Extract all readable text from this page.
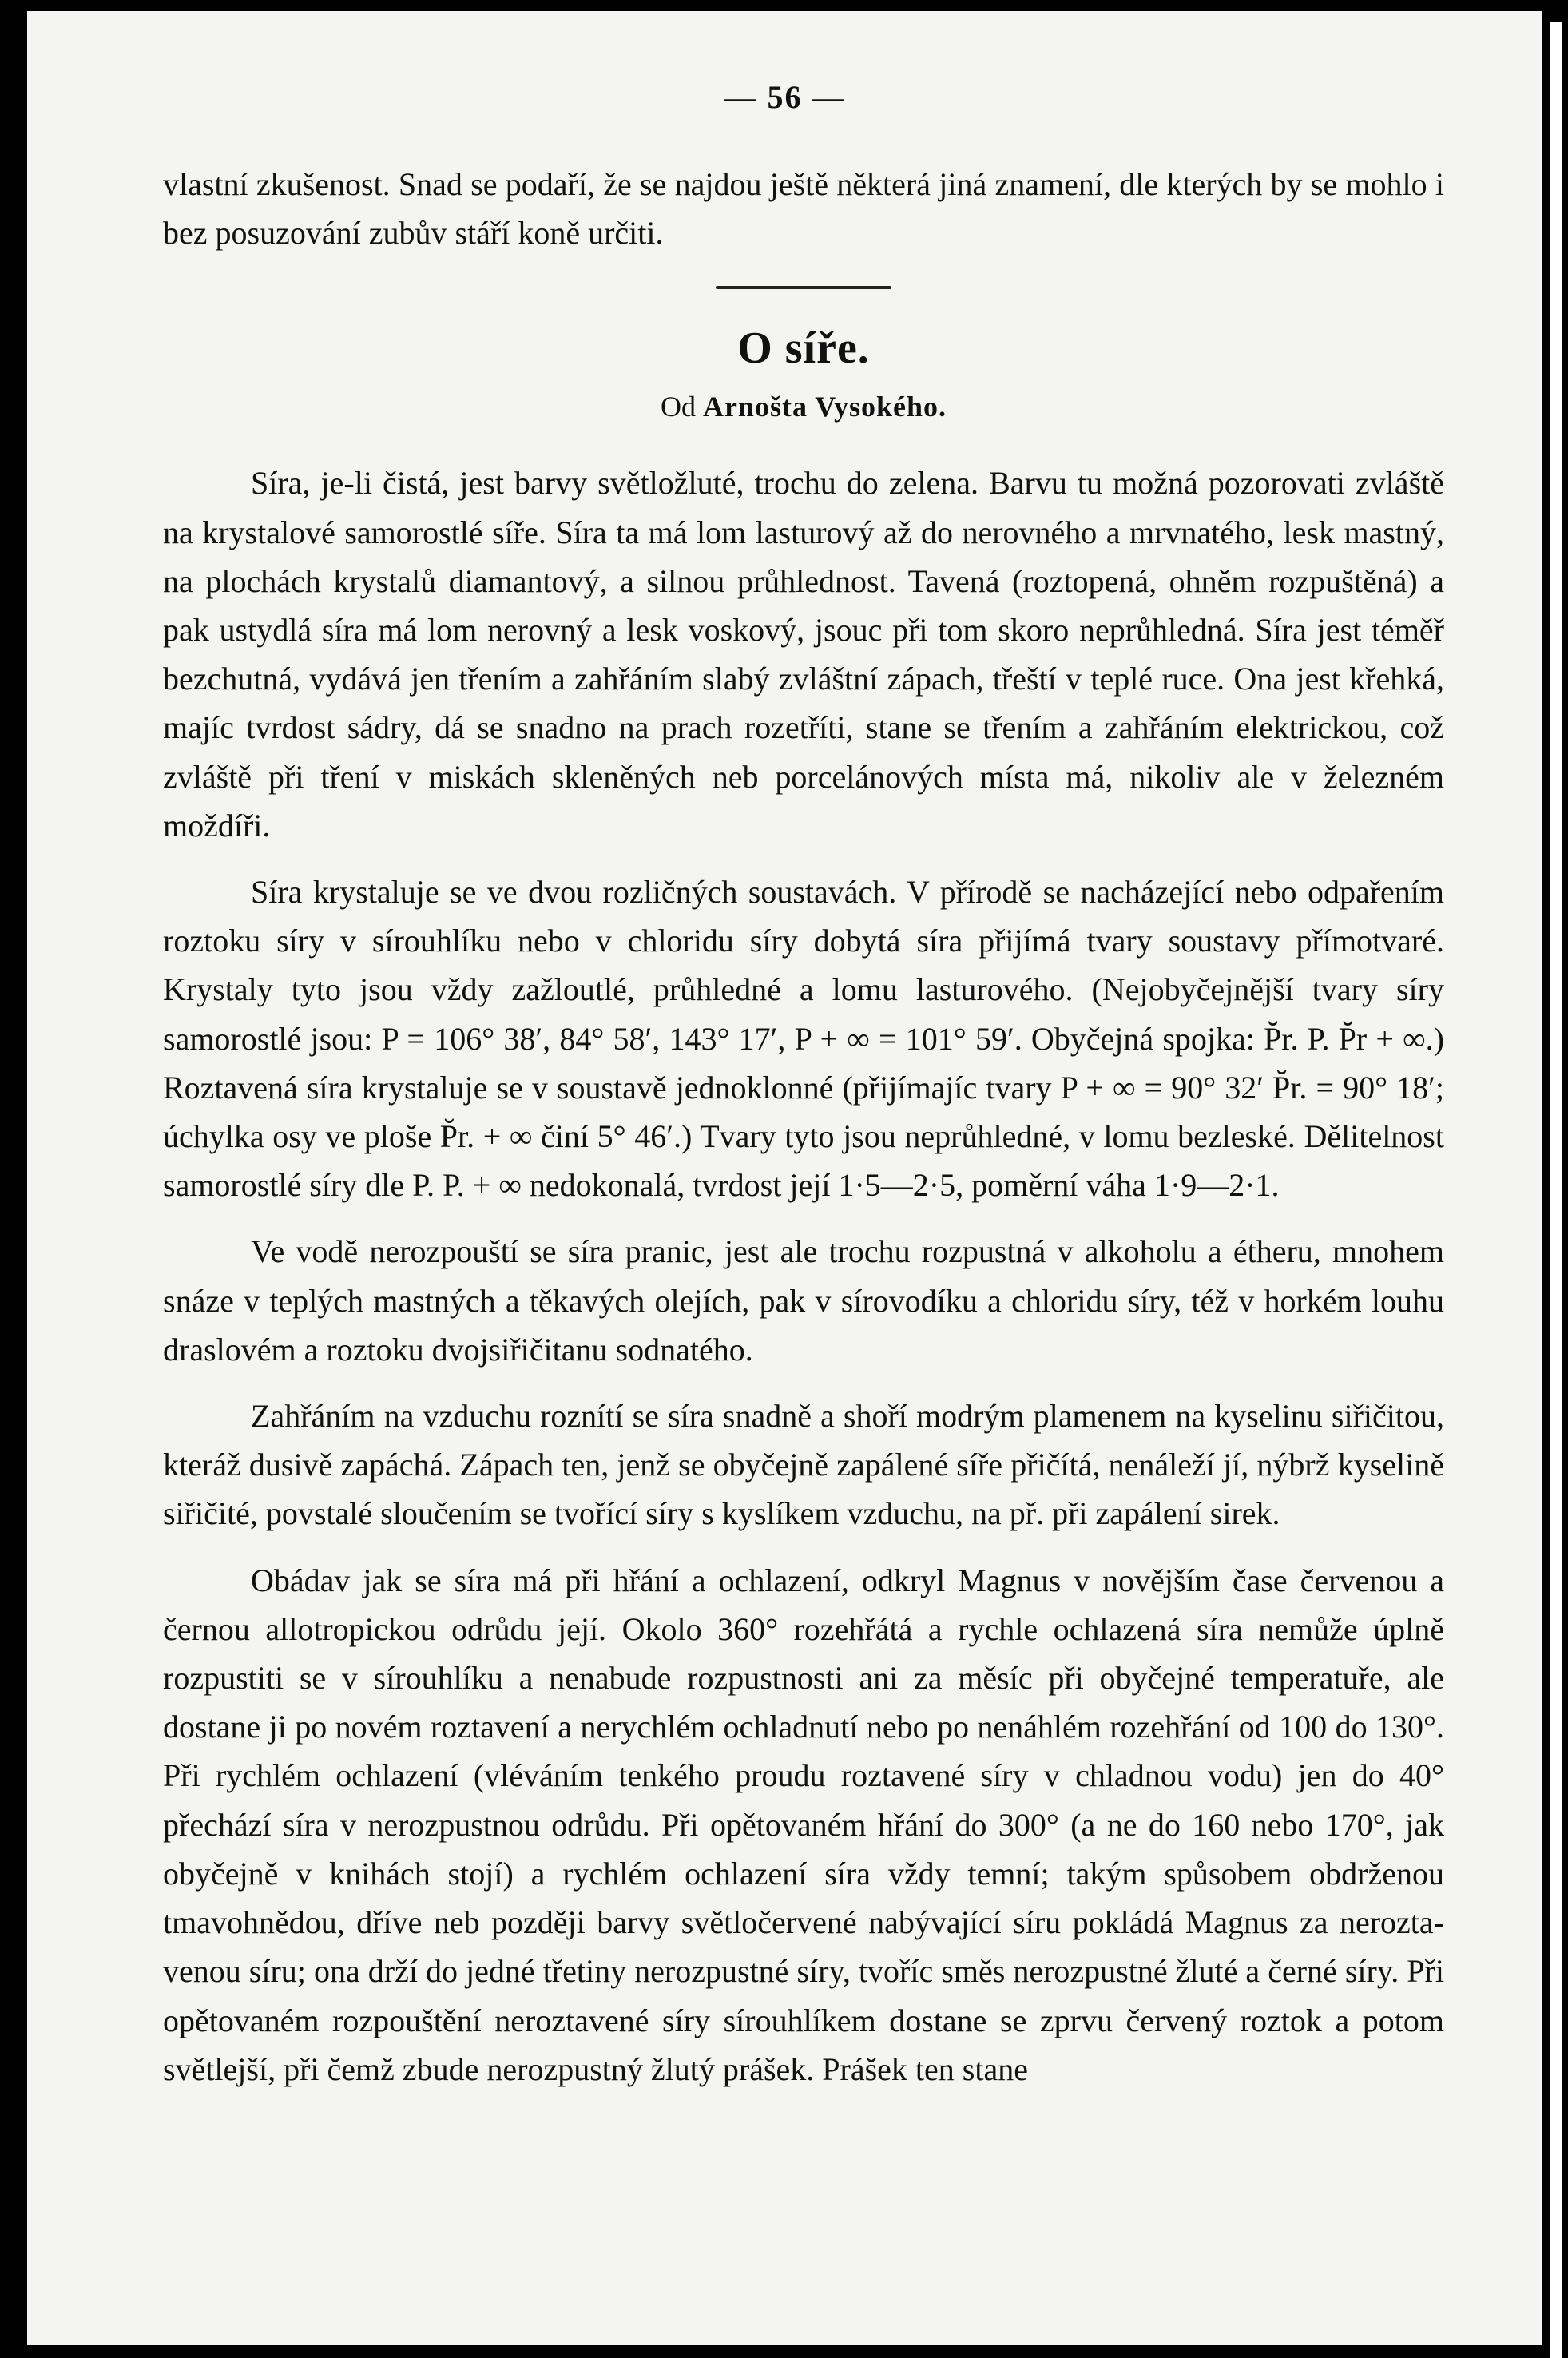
— 56 —

vlastní zkušenost. Snad se podaří, že se najdou ještě některá jiná znamení, dle kterých by se mohlo i bez posuzování zubův stáří koně určiti.

O síře.
Od Arnošta Vysokého.

Síra, je-li čistá, jest barvy světložluté, trochu do zelena. Barvu tu možná pozorovati zvláště na krystalové samorostlé síře. Síra ta má lom lasturový až do nerovného a mrvnatého, lesk mastný, na plochách krystalů diamantový, a silnou průhlednost. Tavená (roztopená, ohněm rozpuštěná) a pak ustydlá síra má lom nerovný a lesk voskový, jsouc při tom skoro neprůhledná. Síra jest téměř bezchutná, vydává jen třením a zahřáním slabý zvláštní zápach, třeští v teplé ruce. Ona jest křehká, majíc tvrdost sádry, dá se snadno na prach rozetříti, stane se třením a zahřáním elektrickou, což zvláště při tření v miskách skleněných neb porcelánových místa má, nikoliv ale v železném moždíři.

Síra krystaluje se ve dvou rozličných soustavách. V přírodě se nacházející nebo odpařením roztoku síry v sírouhlíku nebo v chloridu síry dobytá síra přijímá tvary soustavy přímotvaré. Krystaly tyto jsou vždy zažloutlé, průhledné a lomu lasturového. (Nejobyčejnější tvary síry samorostlé jsou: P = 106° 38′, 84° 58′, 143° 17′, P + ∞ = 101° 59′. Obyčejná spojka: P̆r. P. P̆r + ∞.) Roztavená síra krystaluje se v soustavě jednoklonné (přijímajíc tvary P + ∞ = 90° 32′ P̆r. = 90° 18′; úchylka osy ve ploše P̆r. + ∞ činí 5° 46′.) Tvary tyto jsou neprůhledné, v lomu bezleské. Dělitelnost samorostlé síry dle P. P. + ∞ nedokonalá, tvrdost její 1·5—2·5, poměrní váha 1·9—2·1.

Ve vodě nerozpouští se síra pranic, jest ale trochu rozpustná v alkoholu a étheru, mnohem snáze v teplých mastných a těkavých olejích, pak v sírovodíku a chloridu síry, též v horkém louhu draslovém a roztoku dvojsiřičitanu sodnatého.

Zahřáním na vzduchu roznítí se síra snadně a shoří modrým plamenem na kyselinu siřičitou, kteráž dusivě zapáchá. Zápach ten, jenž se obyčejně zapálené síře přičítá, nenáleží jí, nýbrž kyselině siřičité, povstalé sloučením se tvořící síry s kyslíkem vzduchu, na př. při zapálení sirek.

Obádav jak se síra má při hřání a ochlazení, odkryl Magnus v novějším čase červenou a černou allotropickou odrůdu její. Okolo 360° rozehřátá a rychle ochlazená síra nemůže úplně rozpustiti se v sírouhlíku a nenabude rozpustnosti ani za měsíc při obyčejné temperatuře, ale dostane ji po novém roztavení a nerychlém ochladnutí nebo po nenáhlém rozehřání od 100 do 130°. Při rychlém ochlazení (vléváním tenkého proudu roztavené síry v chladnou vodu) jen do 40° přechází síra v nerozpustnou odrůdu. Při opětovaném hřání do 300° (a ne do 160 nebo 170°, jak obyčejně v knihách stojí) a rychlém ochlazení síra vždy temní; takým spůsobem obdrženou tmavohnědou, dříve neb později barvy světločervené nabývající síru pokládá Magnus za neroztavenou síru; ona drží do jedné třetiny nerozpustné síry, tvoříc směs nerozpustné žluté a černé síry. Při opětovaném rozpouštění neroztavené síry sírouhlíkem dostane se zprvu červený roztok a potom světlejší, při čemž zbude nerozpustný žlutý prášek. Prášek ten stane
